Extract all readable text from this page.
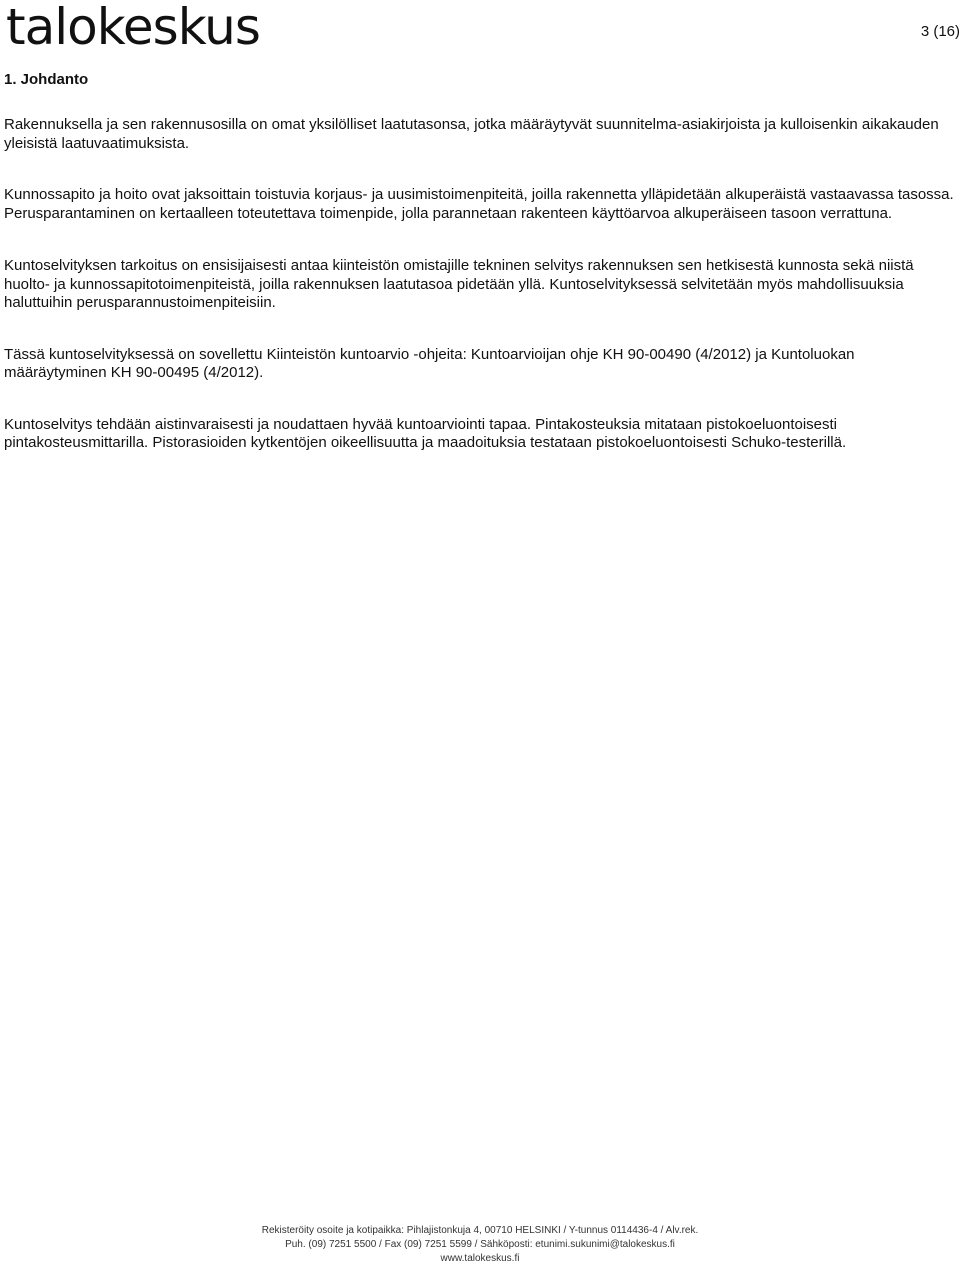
talokeskus	3 (16)
1. Johdanto

Rakennuksella ja sen rakennusosilla on omat yksilölliset laatutasonsa, jotka määräytyvät suunnitelma-asiakirjoista ja kulloisenkin aikakauden yleisistä laatuvaatimuksista.

Kunnossapito ja hoito ovat jaksoittain toistuvia korjaus- ja uusimistoimenpiteitä, joilla rakennetta ylläpidetään alkuperäistä vastaavassa tasossa. Perusparantaminen on kertaalleen toteutettava toimenpide, jolla parannetaan rakenteen käyttöarvoa alkuperäiseen tasoon verrattuna.

Kuntoselvityksen tarkoitus on ensisijaisesti antaa kiinteistön omistajille tekninen selvitys rakennuksen sen hetkisestä kunnosta sekä niistä huolto- ja kunnossapitotoimenpiteistä, joilla rakennuksen laatutasoa pidetään yllä. Kuntoselvityksessä selvitetään myös mahdollisuuksia haluttuihin perusparannustoimenpiteisiin.

Tässä kuntoselvityksessä on sovellettu Kiinteistön kuntoarvio -ohjeita: Kuntoarvioijan ohje KH 90-00490 (4/2012) ja Kuntoluokan määräytyminen KH 90-00495 (4/2012).

Kuntoselvitys tehdään aistinvaraisesti ja noudattaen hyvää kuntoarviointi tapaa. Pintakosteuksia mitataan pistokoeluontoisesti pintakosteusmittarilla. Pistorasioiden kytkentöjen oikeellisuutta ja maadoituksia testataan pistokoeluontoisesti Schuko-testerillä.

Rekisteröity osoite ja kotipaikka: Pihlajistonkuja 4, 00710 HELSINKI / Y-tunnus 0114436-4 / Alv.rek.
Puh. (09) 7251 5500 / Fax (09) 7251 5599 / Sähköposti: etunimi.sukunimi@talokeskus.fi
www.talokeskus.fi
